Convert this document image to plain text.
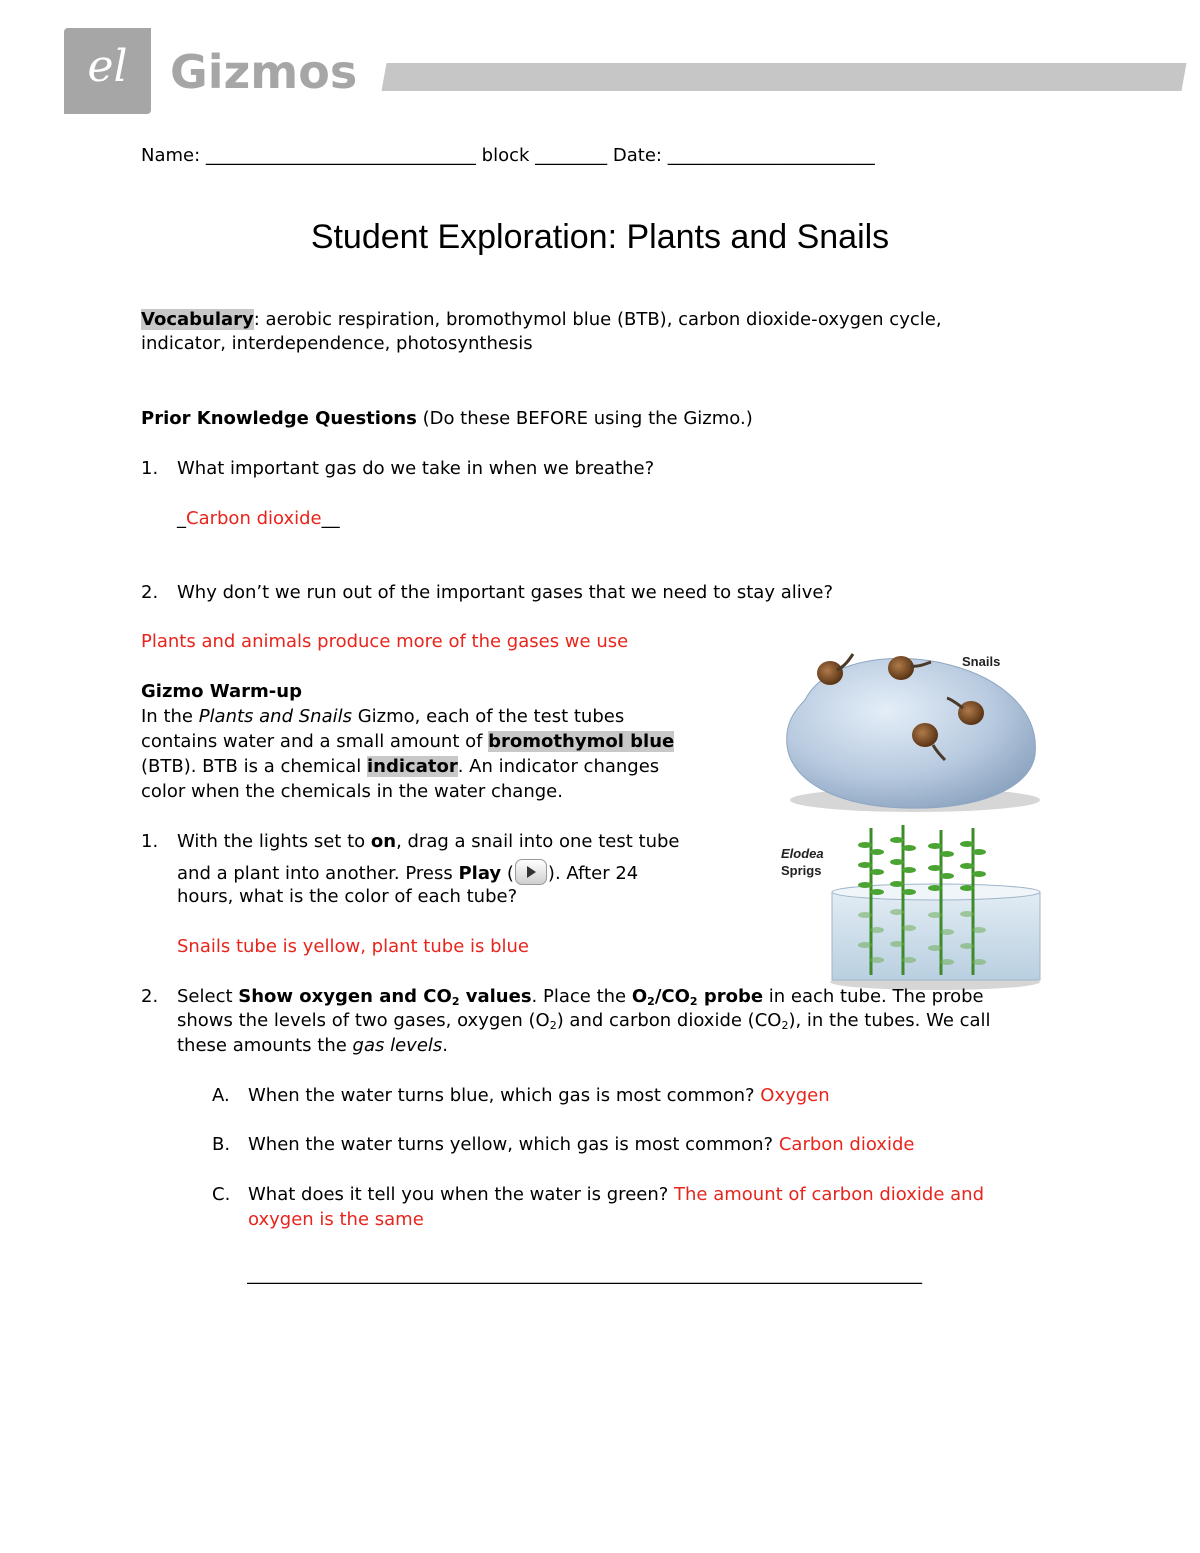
el Gizmos
Name: ______________________________ block ________ Date: _______________________
Student Exploration: Plants and Snails
Vocabulary: aerobic respiration, bromothymol blue (BTB), carbon dioxide-oxygen cycle,
indicator, interdependence, photosynthesis
Prior Knowledge Questions (Do these BEFORE using the Gizmo.)
1. What important gas do we take in when we breathe?
_Carbon dioxide__
2. Why don’t we run out of the important gases that we need to stay alive?
Plants and animals produce more of the gases we use
Gizmo Warm-up
In the Plants and Snails Gizmo, each of the test tubes
contains water and a small amount of bromothymol blue
(BTB). BTB is a chemical indicator. An indicator changes
color when the chemicals in the water change.
1. With the lights set to on, drag a snail into one test tube
and a plant into another. Press Play ( ). After 24
hours, what is the color of each tube?
Snails tube is yellow, plant tube is blue
Snails
Elodea
Sprigs
2. Select Show oxygen and $CO_2$ values. Place the $O_2/CO_2$ probe in each tube. The probe
shows the levels of two gases, oxygen $(O_2)$ and carbon dioxide $(CO_2)$, in the tubes. We call
these amounts the gas levels.
A. When the water turns blue, which gas is most common? Oxygen
B. When the water turns yellow, which gas is most common? Carbon dioxide
C. What does it tell you when the water is green? The amount of carbon dioxide and
oxygen is the same
___________________________________________________________________________
